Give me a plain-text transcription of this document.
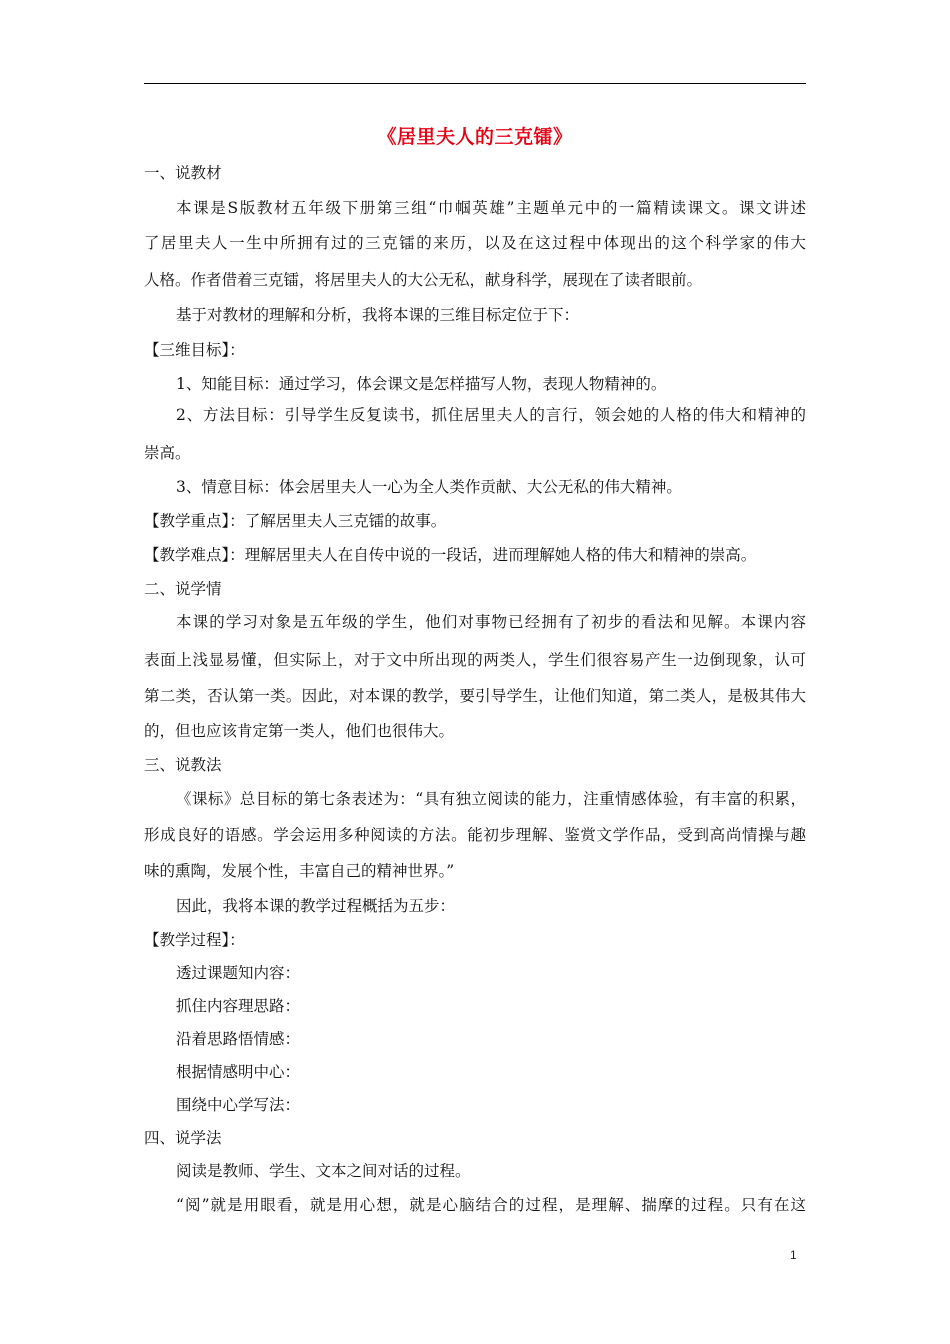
《居里夫人的三克镭》
一、说教材
本课是S版教材五年级下册第三组“巾帼英雄”主题单元中的一篇精读课文。课文讲述
了居里夫人一生中所拥有过的三克镭的来历，以及在这过程中体现出的这个科学家的伟大
人格。作者借着三克镭，将居里夫人的大公无私，献身科学，展现在了读者眼前。
基于对教材的理解和分析，我将本课的三维目标定位于下：
【三维目标】：
1、知能目标：通过学习，体会课文是怎样描写人物，表现人物精神的。
2、方法目标：引导学生反复读书，抓住居里夫人的言行，领会她的人格的伟大和精神的
崇高。
3、情意目标：体会居里夫人一心为全人类作贡献、大公无私的伟大精神。
【教学重点】：了解居里夫人三克镭的故事。
【教学难点】：理解居里夫人在自传中说的一段话，进而理解她人格的伟大和精神的崇高。
二、说学情
本课的学习对象是五年级的学生，他们对事物已经拥有了初步的看法和见解。本课内容
表面上浅显易懂，但实际上，对于文中所出现的两类人，学生们很容易产生一边倒现象，认可
第二类，否认第一类。因此，对本课的教学，要引导学生，让他们知道，第二类人，是极其伟大
的，但也应该肯定第一类人，他们也很伟大。
三、说教法
《课标》总目标的第七条表述为：“具有独立阅读的能力，注重情感体验，有丰富的积累，
形成良好的语感。学会运用多种阅读的方法。能初步理解、鉴赏文学作品，受到高尚情操与趣
味的熏陶，发展个性，丰富自己的精神世界。”
因此，我将本课的教学过程概括为五步：
【教学过程】：
透过课题知内容：
抓住内容理思路：
沿着思路悟情感：
根据情感明中心：
围绕中心学写法：
四、说学法
阅读是教师、学生、文本之间对话的过程。
“阅”就是用眼看，就是用心想，就是心脑结合的过程，是理解、揣摩的过程。只有在这
1
